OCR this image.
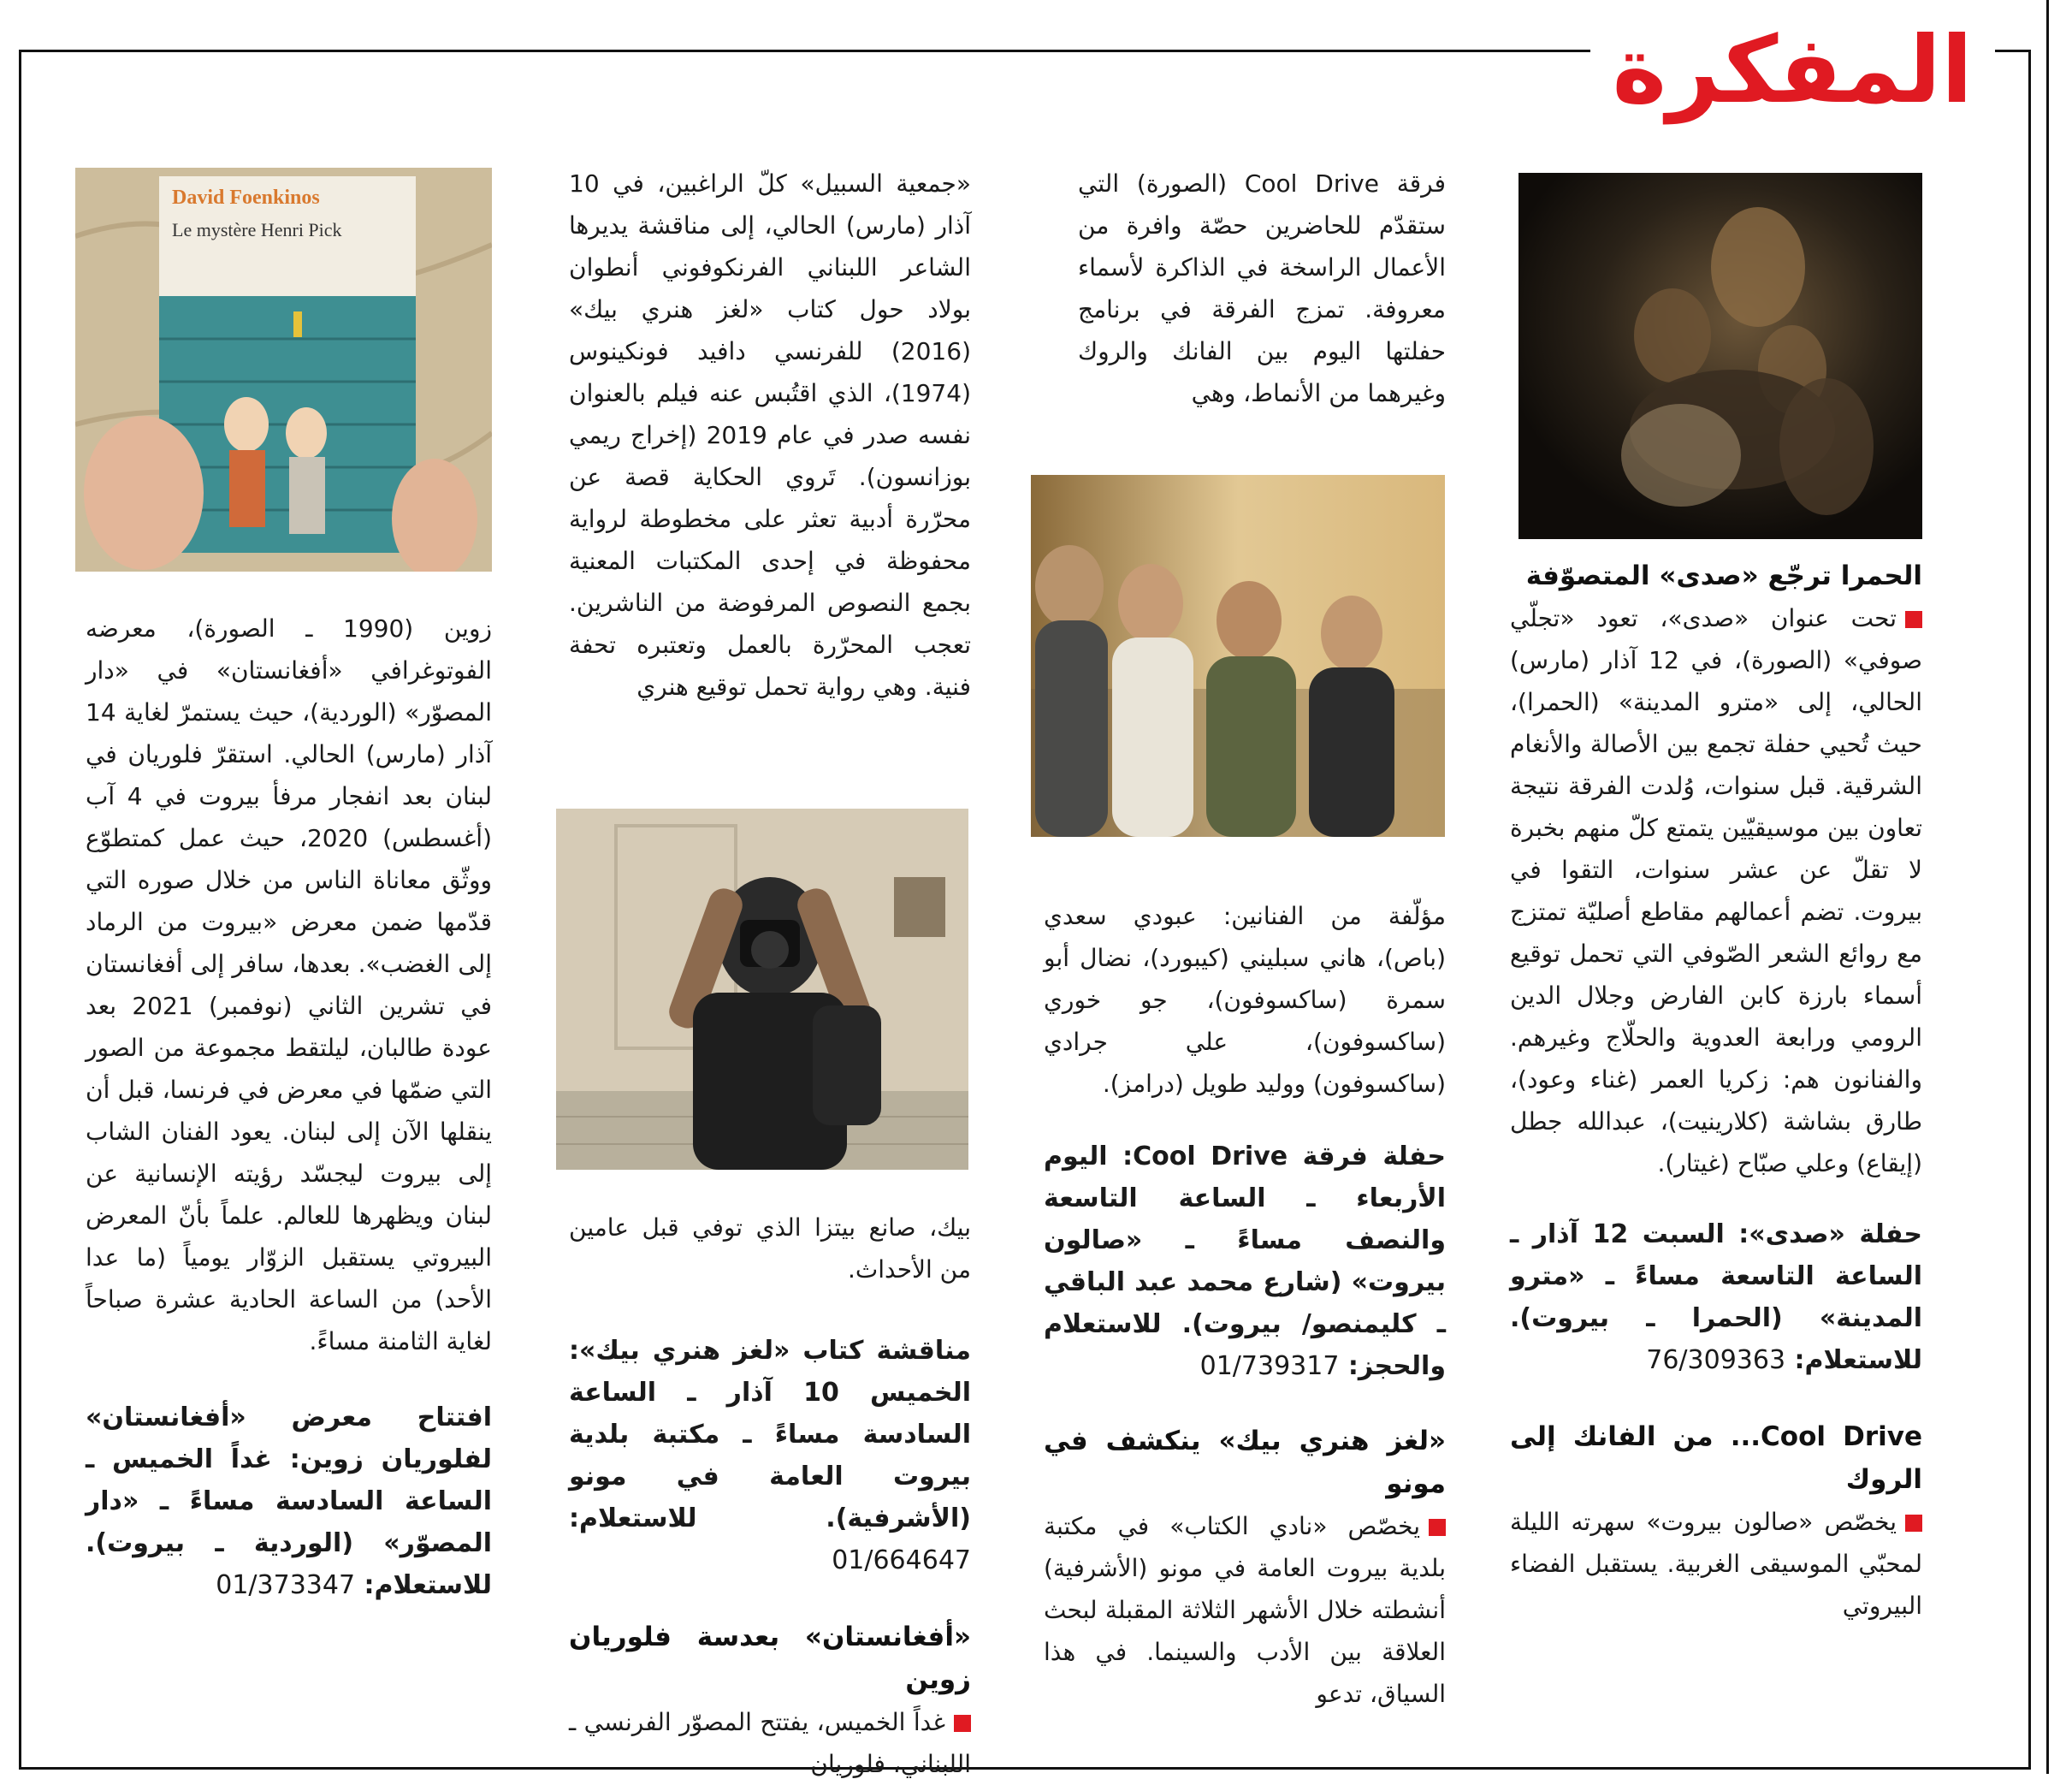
المفكرة

الحمرا ترجّع «صدى» المتصوّفة

تحت عنوان «صدى»، تعود «تجلّي صوفي» (الصورة)، في 12 آذار (مارس) الحالي، إلى «مترو المدينة» (الحمرا)، حيث تُحيي حفلة تجمع بين الأصالة والأنغام الشرقية. قبل سنوات، وُلدت الفرقة نتيجة تعاون بين موسيقيّين يتمتع كلّ منهم بخبرة لا تقلّ عن عشر سنوات، التقوا في بيروت. تضم أعمالهم مقاطع أصليّة تمتزج مع روائع الشعر الصّوفي التي تحمل توقيع أسماء بارزة كابن الفارض وجلال الدين الرومي ورابعة العدوية والحلّاج وغيرهم. والفنانون هم: زكريا العمر (غناء وعود)، طارق بشاشة (كلارينيت)، عبدالله جطل (إيقاع) وعلي صبّاح (غيتار).

حفلة «صدى»: السبت 12 آذار ـ الساعة التاسعة مساءً ـ «مترو المدينة» (الحمرا ـ بيروت). للاستعلام: 76/309363

Cool Drive... من الفانك إلى الروك

يخصّص «صالون بيروت» سهرته الليلة لمحبّي الموسيقى الغربية. يستقبل الفضاء البيروتي

فرقة Cool Drive (الصورة) التي ستقدّم للحاضرين حصّة وافرة من الأعمال الراسخة في الذاكرة لأسماء معروفة. تمزج الفرقة في برنامج حفلتها اليوم بين الفانك والروك وغيرهما من الأنماط، وهي

مؤلّفة من الفنانين: عبودي سعدي (باص)، هاني سبليني (كيبورد)، نضال أبو سمرة (ساكسوفون)، جو خوري (ساكسوفون)، علي جرادي (ساكسوفون) ووليد طويل (درامز).

حفلة فرقة Cool Drive: اليوم الأربعاء ـ الساعة التاسعة والنصف مساءً ـ «صالون بيروت» (شارع محمد عبد الباقي ـ كليمنصو/ بيروت). للاستعلام والحجز: 01/739317

«لغز هنري بيك» ينكشف في مونو

يخصّص «نادي الكتاب» في مكتبة بلدية بيروت العامة في مونو (الأشرفية) أنشطته خلال الأشهر الثلاثة المقبلة لبحث العلاقة بين الأدب والسينما. في هذا السياق، تدعو

«جمعية السبيل» كلّ الراغبين، في 10 آذار (مارس) الحالي، إلى مناقشة يديرها الشاعر اللبناني الفرنكوفوني أنطوان بولاد حول كتاب «لغز هنري بيك» (2016) للفرنسي دافيد فونكينوس (1974)، الذي اقتُبس عنه فيلم بالعنوان نفسه صدر في عام 2019 (إخراج ريمي بوزانسون). تَروي الحكاية قصة عن محرّرة أدبية تعثر على مخطوطة لرواية محفوظة في إحدى المكتبات المعنية بجمع النصوص المرفوضة من الناشرين. تعجب المحرّرة بالعمل وتعتبره تحفة فنية. وهي رواية تحمل توقيع هنري

بيك، صانع بيتزا الذي توفي قبل عامين من الأحداث.

مناقشة كتاب «لغز هنري بيك»: الخميس 10 آذار ـ الساعة السادسة مساءً ـ مكتبة بلدية بيروت العامة في مونو (الأشرفية). للاستعلام: 01/664647

«أفغانستان» بعدسة فلوريان زوين

غداً الخميس، يفتتح المصوّر الفرنسي ـ اللبناني، فلوريان

David Foenkinos
Le mystère Henri Pick

زوين (1990 ـ الصورة)، معرضه الفوتوغرافي «أفغانستان» في «دار المصوّر» (الوردية)، حيث يستمرّ لغاية 14 آذار (مارس) الحالي. استقرّ فلوريان في لبنان بعد انفجار مرفأ بيروت في 4 آب (أغسطس) 2020، حيث عمل كمتطوّع ووثّق معاناة الناس من خلال صوره التي قدّمها ضمن معرض «بيروت من الرماد إلى الغضب». بعدها، سافر إلى أفغانستان في تشرين الثاني (نوفمبر) 2021 بعد عودة طالبان، ليلتقط مجموعة من الصور التي ضمّها في معرض في فرنسا، قبل أن ينقلها الآن إلى لبنان. يعود الفنان الشاب إلى بيروت ليجسّد رؤيته الإنسانية عن لبنان ويظهرها للعالم. علماً بأنّ المعرض البيروتي يستقبل الزوّار يومياً (ما عدا الأحد) من الساعة الحادية عشرة صباحاً لغاية الثامنة مساءً.

افتتاح معرض «أفغانستان» لفلوريان زوين: غداً الخميس ـ الساعة السادسة مساءً ـ «دار المصوّر» (الوردية ـ بيروت). للاستعلام: 01/373347
